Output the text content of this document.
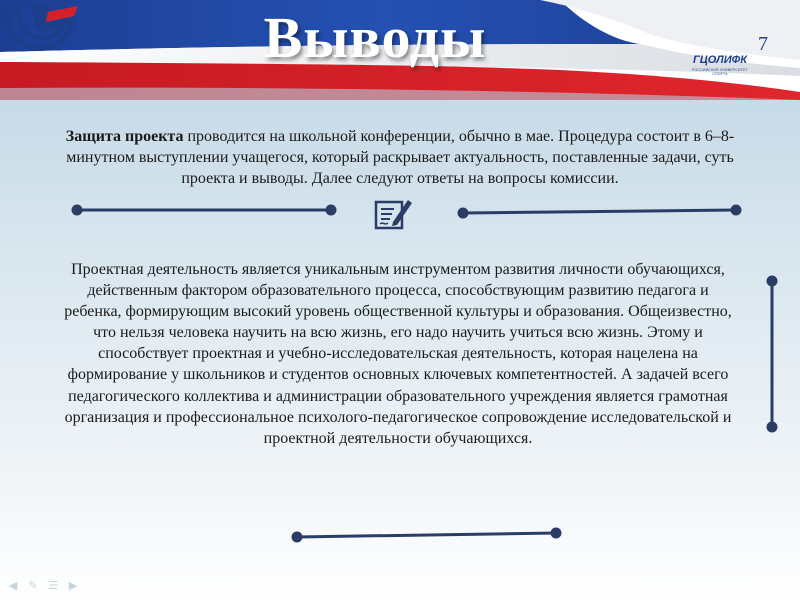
Выводы	ГЦОЛИФК
РОССИЙСКИЙ УНИВЕРСИТЕТ СПОРТА
7
Защита проекта проводится на школьной конференции, обычно в мае. Процедура состоит в 6–8-минутном выступлении учащегося, который раскрывает актуальность, поставленные задачи, суть проекта и выводы. Далее следуют ответы на вопросы комиссии.
Проектная деятельность является уникальным инструментом развития личности обучающихся, действенным фактором образовательного процесса, способствующим развитию педагога и ребенка, формирующим высокий уровень общественной культуры и образования. Общеизвестно, что нельзя человека научить на всю жизнь, его надо научить учиться всю жизнь. Этому и способствует проектная и учебно-исследовательская деятельность, которая нацелена на формирование у школьников и студентов основных ключевых компетентностей. А задачей всего педагогического коллектива и администрации образовательного учреждения является грамотная организация и профессиональное психолого-педагогическое сопровождение исследовательской и проектной деятельности обучающихся.
◀ ✎ ☰ ▶
